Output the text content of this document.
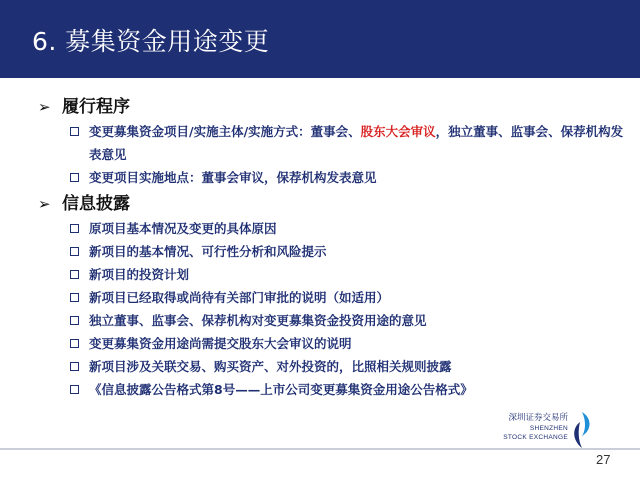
6. 募集资金用途变更
➢ 履行程序
变更募集资金项目/实施主体/实施方式：董事会、股东大会审议，独立董事、监事会、保荐机构发表意见
变更项目实施地点：董事会审议，保荐机构发表意见
➢ 信息披露
原项目基本情况及变更的具体原因
新项目的基本情况、可行性分析和风险提示
新项目的投资计划
新项目已经取得或尚待有关部门审批的说明（如适用）
独立董事、监事会、保荐机构对变更募集资金投资用途的意见
变更募集资金用途尚需提交股东大会审议的说明
新项目涉及关联交易、购买资产、对外投资的，比照相关规则披露
《信息披露公告格式第8号——上市公司变更募集资金用途公告格式》
深圳证券交易所
SHENZHEN
STOCK EXCHANGE
27
